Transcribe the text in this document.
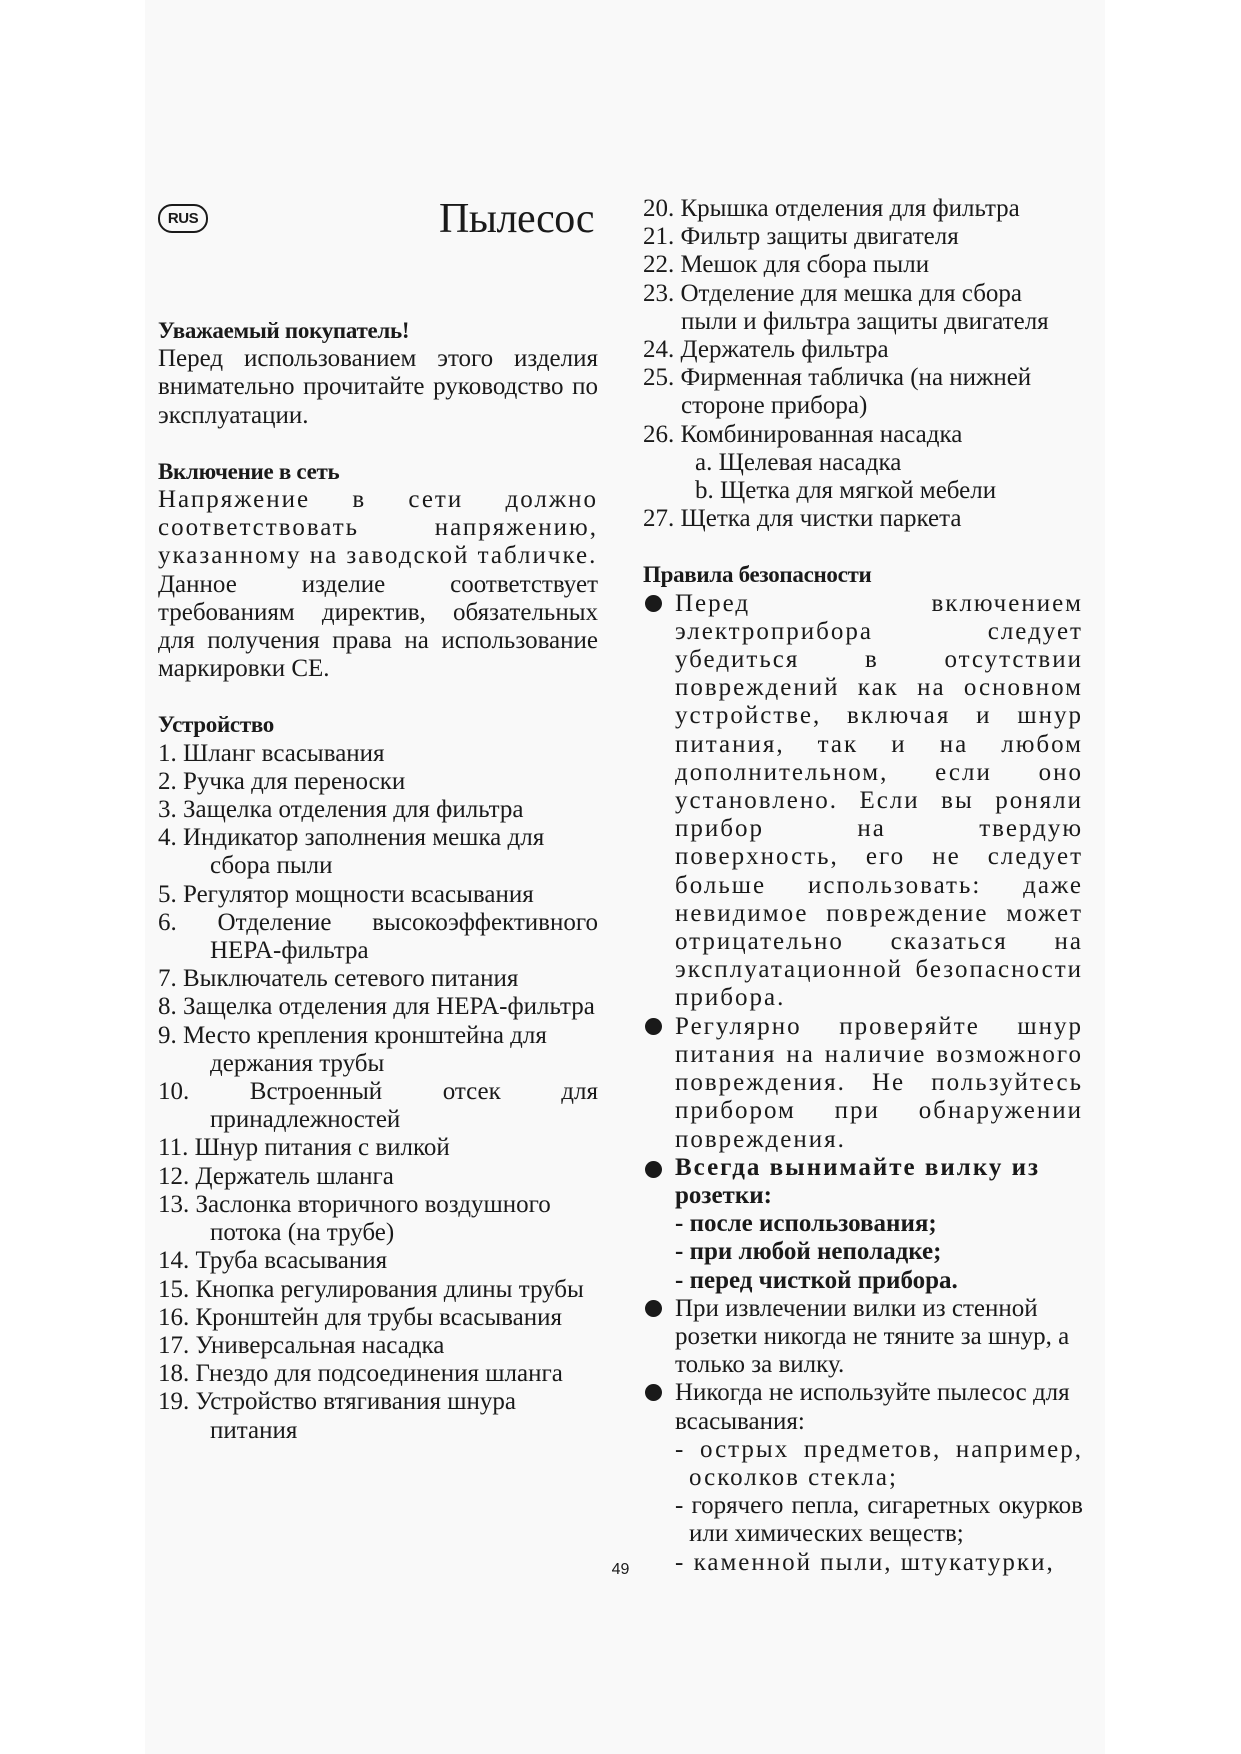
RUS	Пылесос
Уважаемый покупатель!

Перед использованием этого изделия внимательно прочитайте руководство по эксплуатации.

Включение в сеть

Напряжение в сети должно соответствовать напряжению, указанному на заводской табличке.

Данное изделие соответствует требованиям директив, обязательных для получения права на использование маркировки CE.

Устройство
1. Шланг всасывания
2. Ручка для переноски
3. Защелка отделения для фильтра
4. Индикатор заполнения мешка для сбора пыли
5. Регулятор мощности всасывания
6. Отделение высокоэффективного HEPA-фильтра
7. Выключатель сетевого питания
8. Защелка отделения для HEPA-фильтра
9. Место крепления кронштейна для держания трубы
10. Встроенный отсек для принадлежностей
11. Шнур питания с вилкой
12. Держатель шланга
13. Заслонка вторичного воздушного потока (на трубе)
14. Труба всасывания
15. Кнопка регулирования длины трубы
16. Кронштейн для трубы всасывания
17. Универсальная насадка
18. Гнездо для подсоединения шланга
19. Устройство втягивания шнура питания
20. Крышка отделения для фильтра
21. Фильтр защиты двигателя
22. Мешок для сбора пыли
23. Отделение для мешка для сбора пыли и фильтра защиты двигателя
24. Держатель фильтра
25. Фирменная табличка (на нижней стороне прибора)
26. Комбинированная насадка
a. Щелевая насадка
b. Щетка для мягкой мебели
27. Щетка для чистки паркета
Правила безопасности

Перед включением электроприбора следует убедиться в отсутствии повреждений как на основном устройстве, включая и шнур питания, так и на любом дополнительном, если оно установлено. Если вы роняли прибор на твердую поверхность, его не следует больше использовать: даже невидимое повреждение может отрицательно сказаться на эксплуатационной безопасности прибора.

Регулярно проверяйте шнур питания на наличие возможного повреждения. Не пользуйтесь прибором при обнаружении повреждения.

Всегда вынимайте вилку из

розетки:

- после использования;
- при любой неполадке;
- перед чисткой прибора.

При извлечении вилки из стенной розетки никогда не тяните за шнур, а только за вилку.

Никогда не используйте пылесос для всасывания:

- острых предметов, например, осколков стекла;
- горячего пепла, сигаретных окурков или химических веществ;
- каменной пыли, штукатурки,
49
